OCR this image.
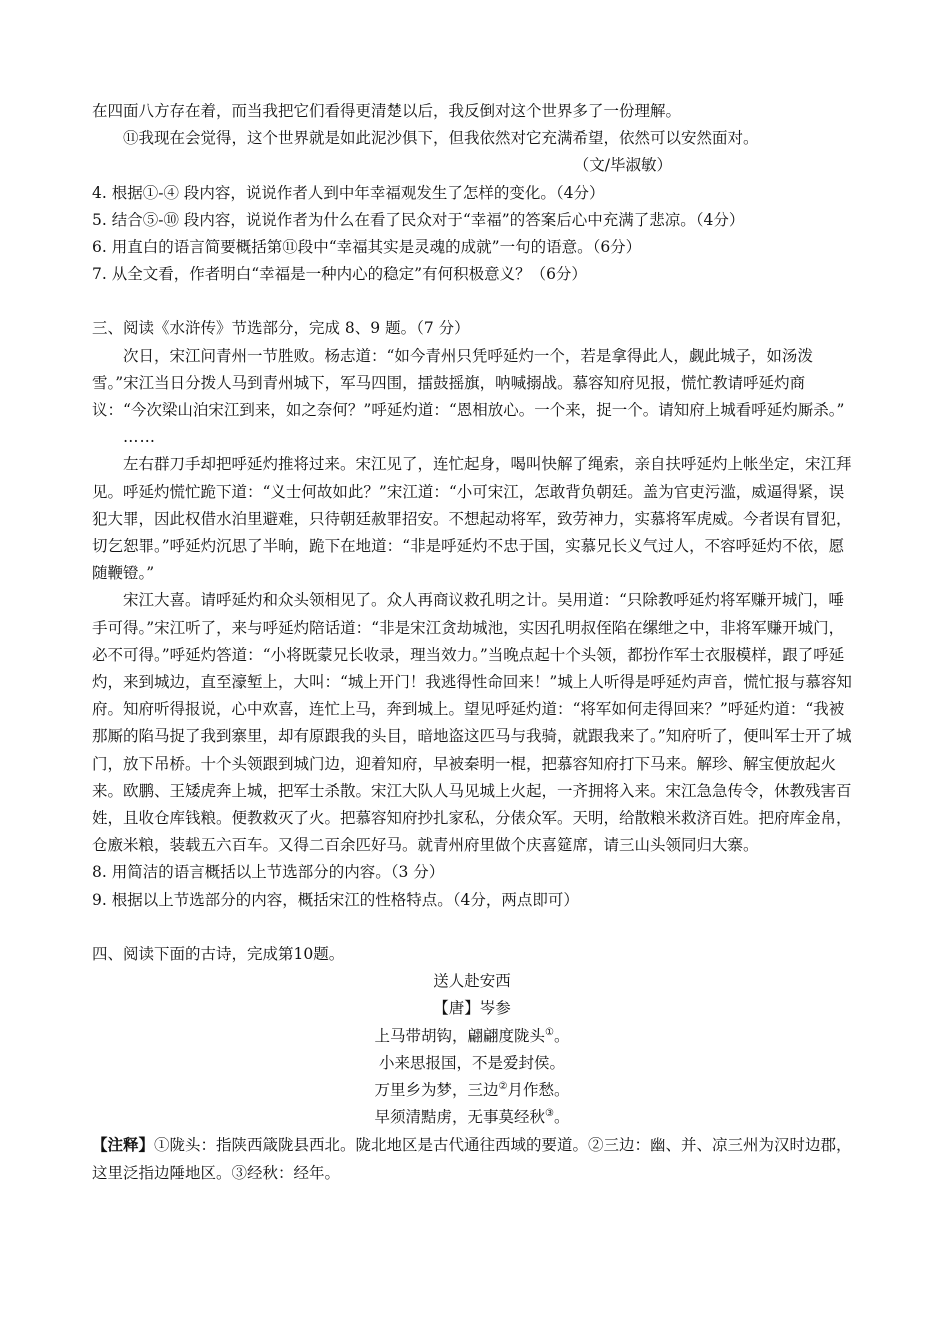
在四面八方存在着，而当我把它们看得更清楚以后，我反倒对这个世界多了一份理解。

⑪我现在会觉得，这个世界就是如此泥沙俱下，但我依然对它充满希望，依然可以安然面对。

（文/毕淑敏）

4. 根据①-④ 段内容，说说作者人到中年幸福观发生了怎样的变化。（4分）

5. 结合⑤-⑩ 段内容，说说作者为什么在看了民众对于“幸福”的答案后心中充满了悲凉。（4分）

6. 用直白的语言简要概括第⑪段中“幸福其实是灵魂的成就”一句的语意。（6分）

7. 从全文看，作者明白“幸福是一种内心的稳定”有何积极意义？（6分）

三、阅读《水浒传》节选部分，完成 8、9 题。（7 分）

次日，宋江问青州一节胜败。杨志道：“如今青州只凭呼延灼一个，若是拿得此人，觑此城子，如汤泼雪。”宋江当日分拨人马到青州城下，军马四围，擂鼓摇旗，呐喊搦战。慕容知府见报，慌忙教请呼延灼商议：“今次梁山泊宋江到来，如之奈何？”呼延灼道：“恩相放心。一个来，捉一个。请知府上城看呼延灼厮杀。”

……

左右群刀手却把呼延灼推将过来。宋江见了，连忙起身，喝叫快解了绳索，亲自扶呼延灼上帐坐定，宋江拜见。呼延灼慌忙跪下道：“义士何故如此？”宋江道：“小可宋江，怎敢背负朝廷。盖为官吏污滥，威逼得紧，误犯大罪，因此权借水泊里避难，只待朝廷赦罪招安。不想起动将军，致劳神力，实慕将军虎威。今者误有冒犯，切乞恕罪。”呼延灼沉思了半晌，跪下在地道：“非是呼延灼不忠于国，实慕兄长义气过人，不容呼延灼不依，愿随鞭镫。”

宋江大喜。请呼延灼和众头领相见了。众人再商议救孔明之计。吴用道：“只除教呼延灼将军赚开城门，唾手可得。”宋江听了，来与呼延灼陪话道：“非是宋江贪劫城池，实因孔明叔侄陷在缧绁之中，非将军赚开城门，必不可得。”呼延灼答道：“小将既蒙兄长收录，理当效力。”当晚点起十个头领，都扮作军士衣服模样，跟了呼延灼，来到城边，直至濠堑上，大叫：“城上开门！我逃得性命回来！”城上人听得是呼延灼声音，慌忙报与慕容知府。知府听得报说，心中欢喜，连忙上马，奔到城上。望见呼延灼道：“将军如何走得回来？”呼延灼道：“我被那厮的陷马捉了我到寨里，却有原跟我的头目，暗地盗这匹马与我骑，就跟我来了。”知府听了，便叫军士开了城门，放下吊桥。十个头领跟到城门边，迎着知府，早被秦明一棍，把慕容知府打下马来。解珍、解宝便放起火来。欧鹏、王矮虎奔上城，把军士杀散。宋江大队人马见城上火起，一齐拥将入来。宋江急急传令，休教残害百姓，且收仓库钱粮。便教救灭了火。把慕容知府抄扎家私，分俵众军。天明，给散粮米救济百姓。把府库金帛，仓廒米粮，装载五六百车。又得二百余匹好马。就青州府里做个庆喜筵席，请三山头领同归大寨。

8. 用简洁的语言概括以上节选部分的内容。（3 分）

9. 根据以上节选部分的内容，概括宋江的性格特点。（4分，两点即可）

四、阅读下面的古诗，完成第10题。

送人赴安西

【唐】岑参

上马带胡钩，翩翩度陇头①。

小来思报国，不是爱封侯。

万里乡为梦，三边②月作愁。

早须清黠虏，无事莫经秋③。

【注释】①陇头：指陕西箴陇县西北。陇北地区是古代通往西域的要道。②三边：幽、并、凉三州为汉时边郡，这里泛指边陲地区。③经秋：经年。
